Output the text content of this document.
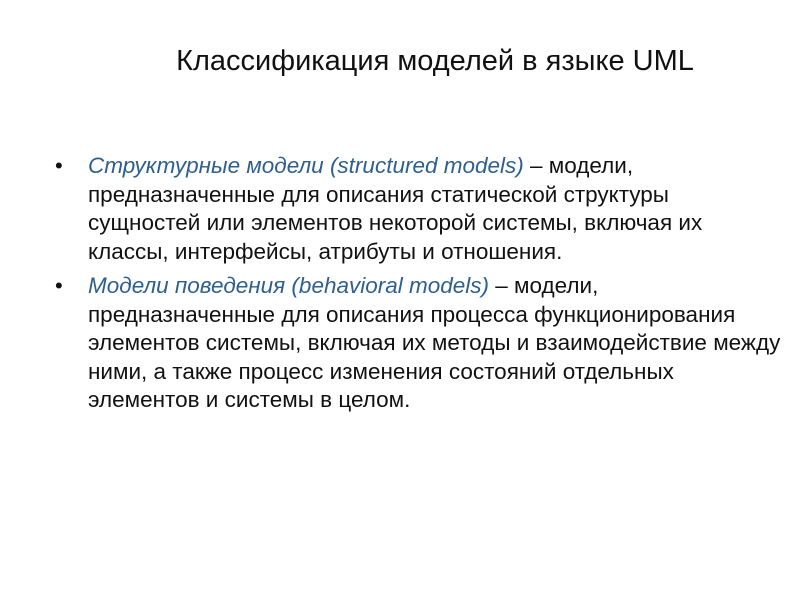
Классификация моделей в языке UML
• Структурные модели (structured models) – модели, предназначенные для описания статической структуры сущностей или элементов некоторой системы, включая их классы, интерфейсы, атрибуты и отношения.
• Модели поведения (behavioral models) – модели, предназначенные для описания процесса функционирования элементов системы, включая их методы и взаимодействие между ними, а также процесс изменения состояний отдельных элементов и системы в целом.
